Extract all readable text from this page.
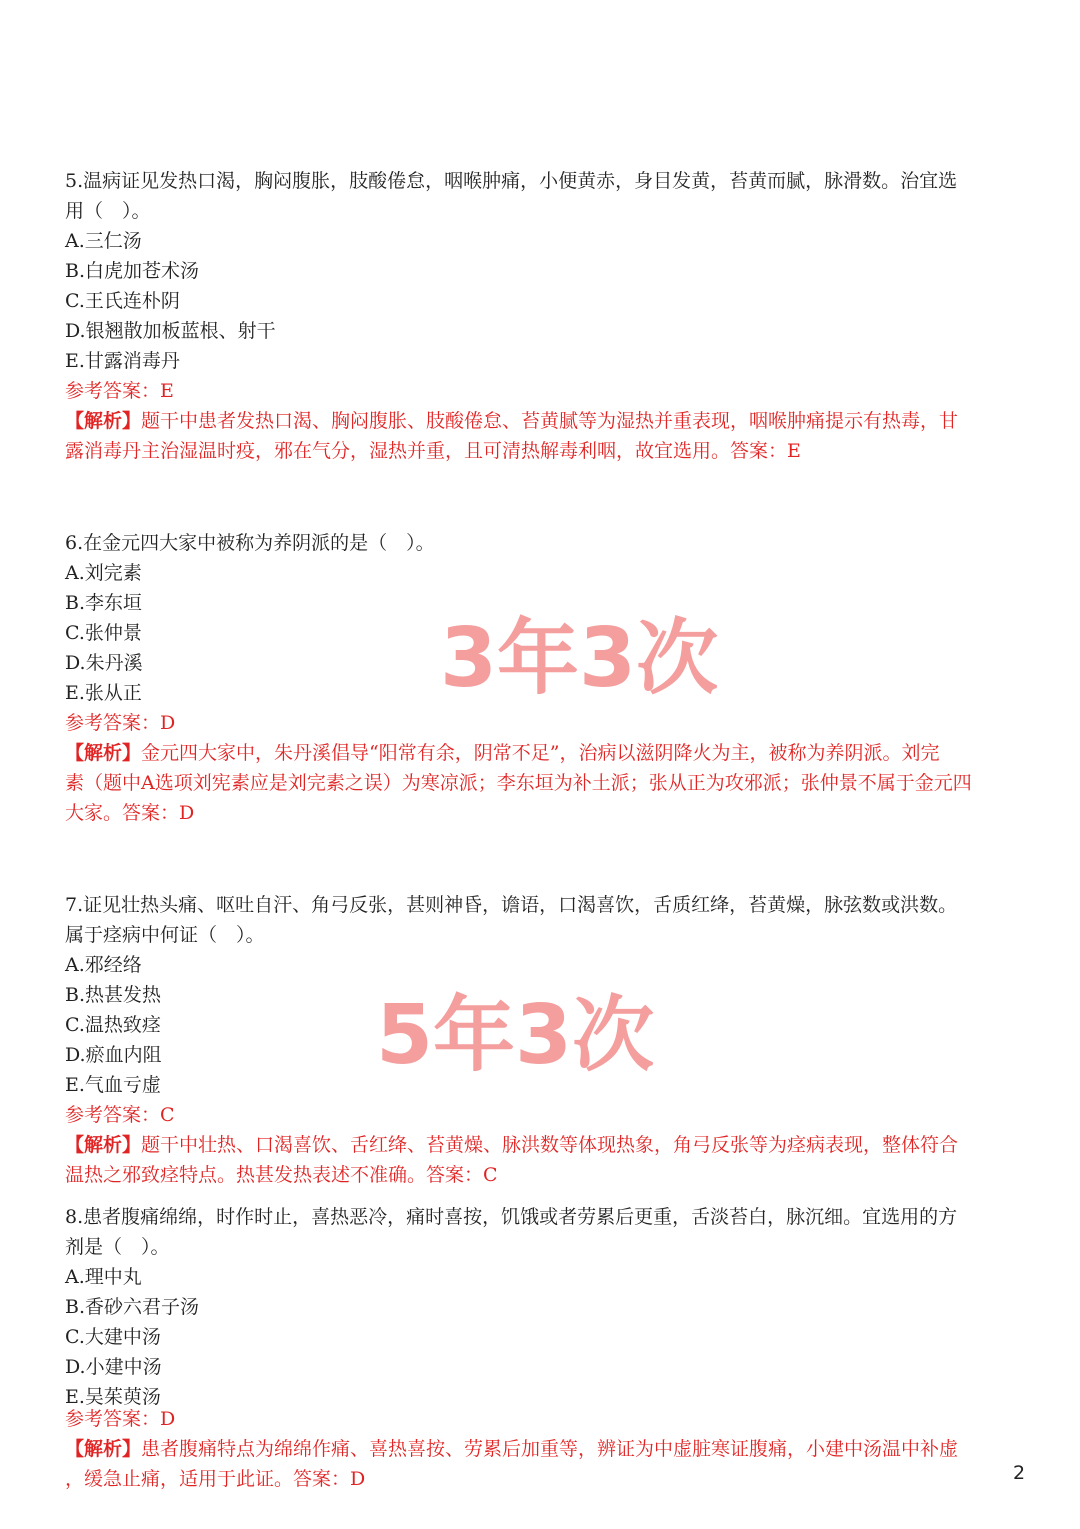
5.温病证见发热口渴，胸闷腹胀，肢酸倦怠，咽喉肿痛，小便黄赤，身目发黄，苔黄而腻，脉滑数。治宜选
用（　）。
A.三仁汤
B.白虎加苍术汤
C.王氏连朴阴
D.银翘散加板蓝根、射干
E.甘露消毒丹
参考答案：E
【解析】题干中患者发热口渴、胸闷腹胀、肢酸倦怠、苔黄腻等为湿热并重表现，咽喉肿痛提示有热毒，甘
露消毒丹主治湿温时疫，邪在气分，湿热并重，且可清热解毒利咽，故宜选用。答案：E
6.在金元四大家中被称为养阴派的是（　）。
A.刘完素
B.李东垣
C.张仲景
D.朱丹溪
E.张从正
参考答案：D
【解析】金元四大家中，朱丹溪倡导“阳常有余，阴常不足”，治病以滋阴降火为主，被称为养阴派。刘完
素（题中A选项刘宪素应是刘完素之误）为寒凉派；李东垣为补土派；张从正为攻邪派；张仲景不属于金元四
大家。答案：D
7.证见壮热头痛、呕吐自汗、角弓反张，甚则神昏，谵语，口渴喜饮，舌质红绛，苔黄燥，脉弦数或洪数。
属于痉病中何证（　）。
A.邪经络
B.热甚发热
C.温热致痉
D.瘀血内阻
E.气血亏虚
参考答案：C
【解析】题干中壮热、口渴喜饮、舌红绛、苔黄燥、脉洪数等体现热象，角弓反张等为痉病表现，整体符合
温热之邪致痉特点。热甚发热表述不准确。答案：C
8.患者腹痛绵绵，时作时止，喜热恶冷，痛时喜按，饥饿或者劳累后更重，舌淡苔白，脉沉细。宜选用的方
剂是（　）。
A.理中丸
B.香砂六君子汤
C.大建中汤
D.小建中汤
E.吴茱萸汤
参考答案：D
【解析】患者腹痛特点为绵绵作痛、喜热喜按、劳累后加重等，辨证为中虚脏寒证腹痛，小建中汤温中补虚
，缓急止痛，适用于此证。答案：D
3年3次
5年3次
2
